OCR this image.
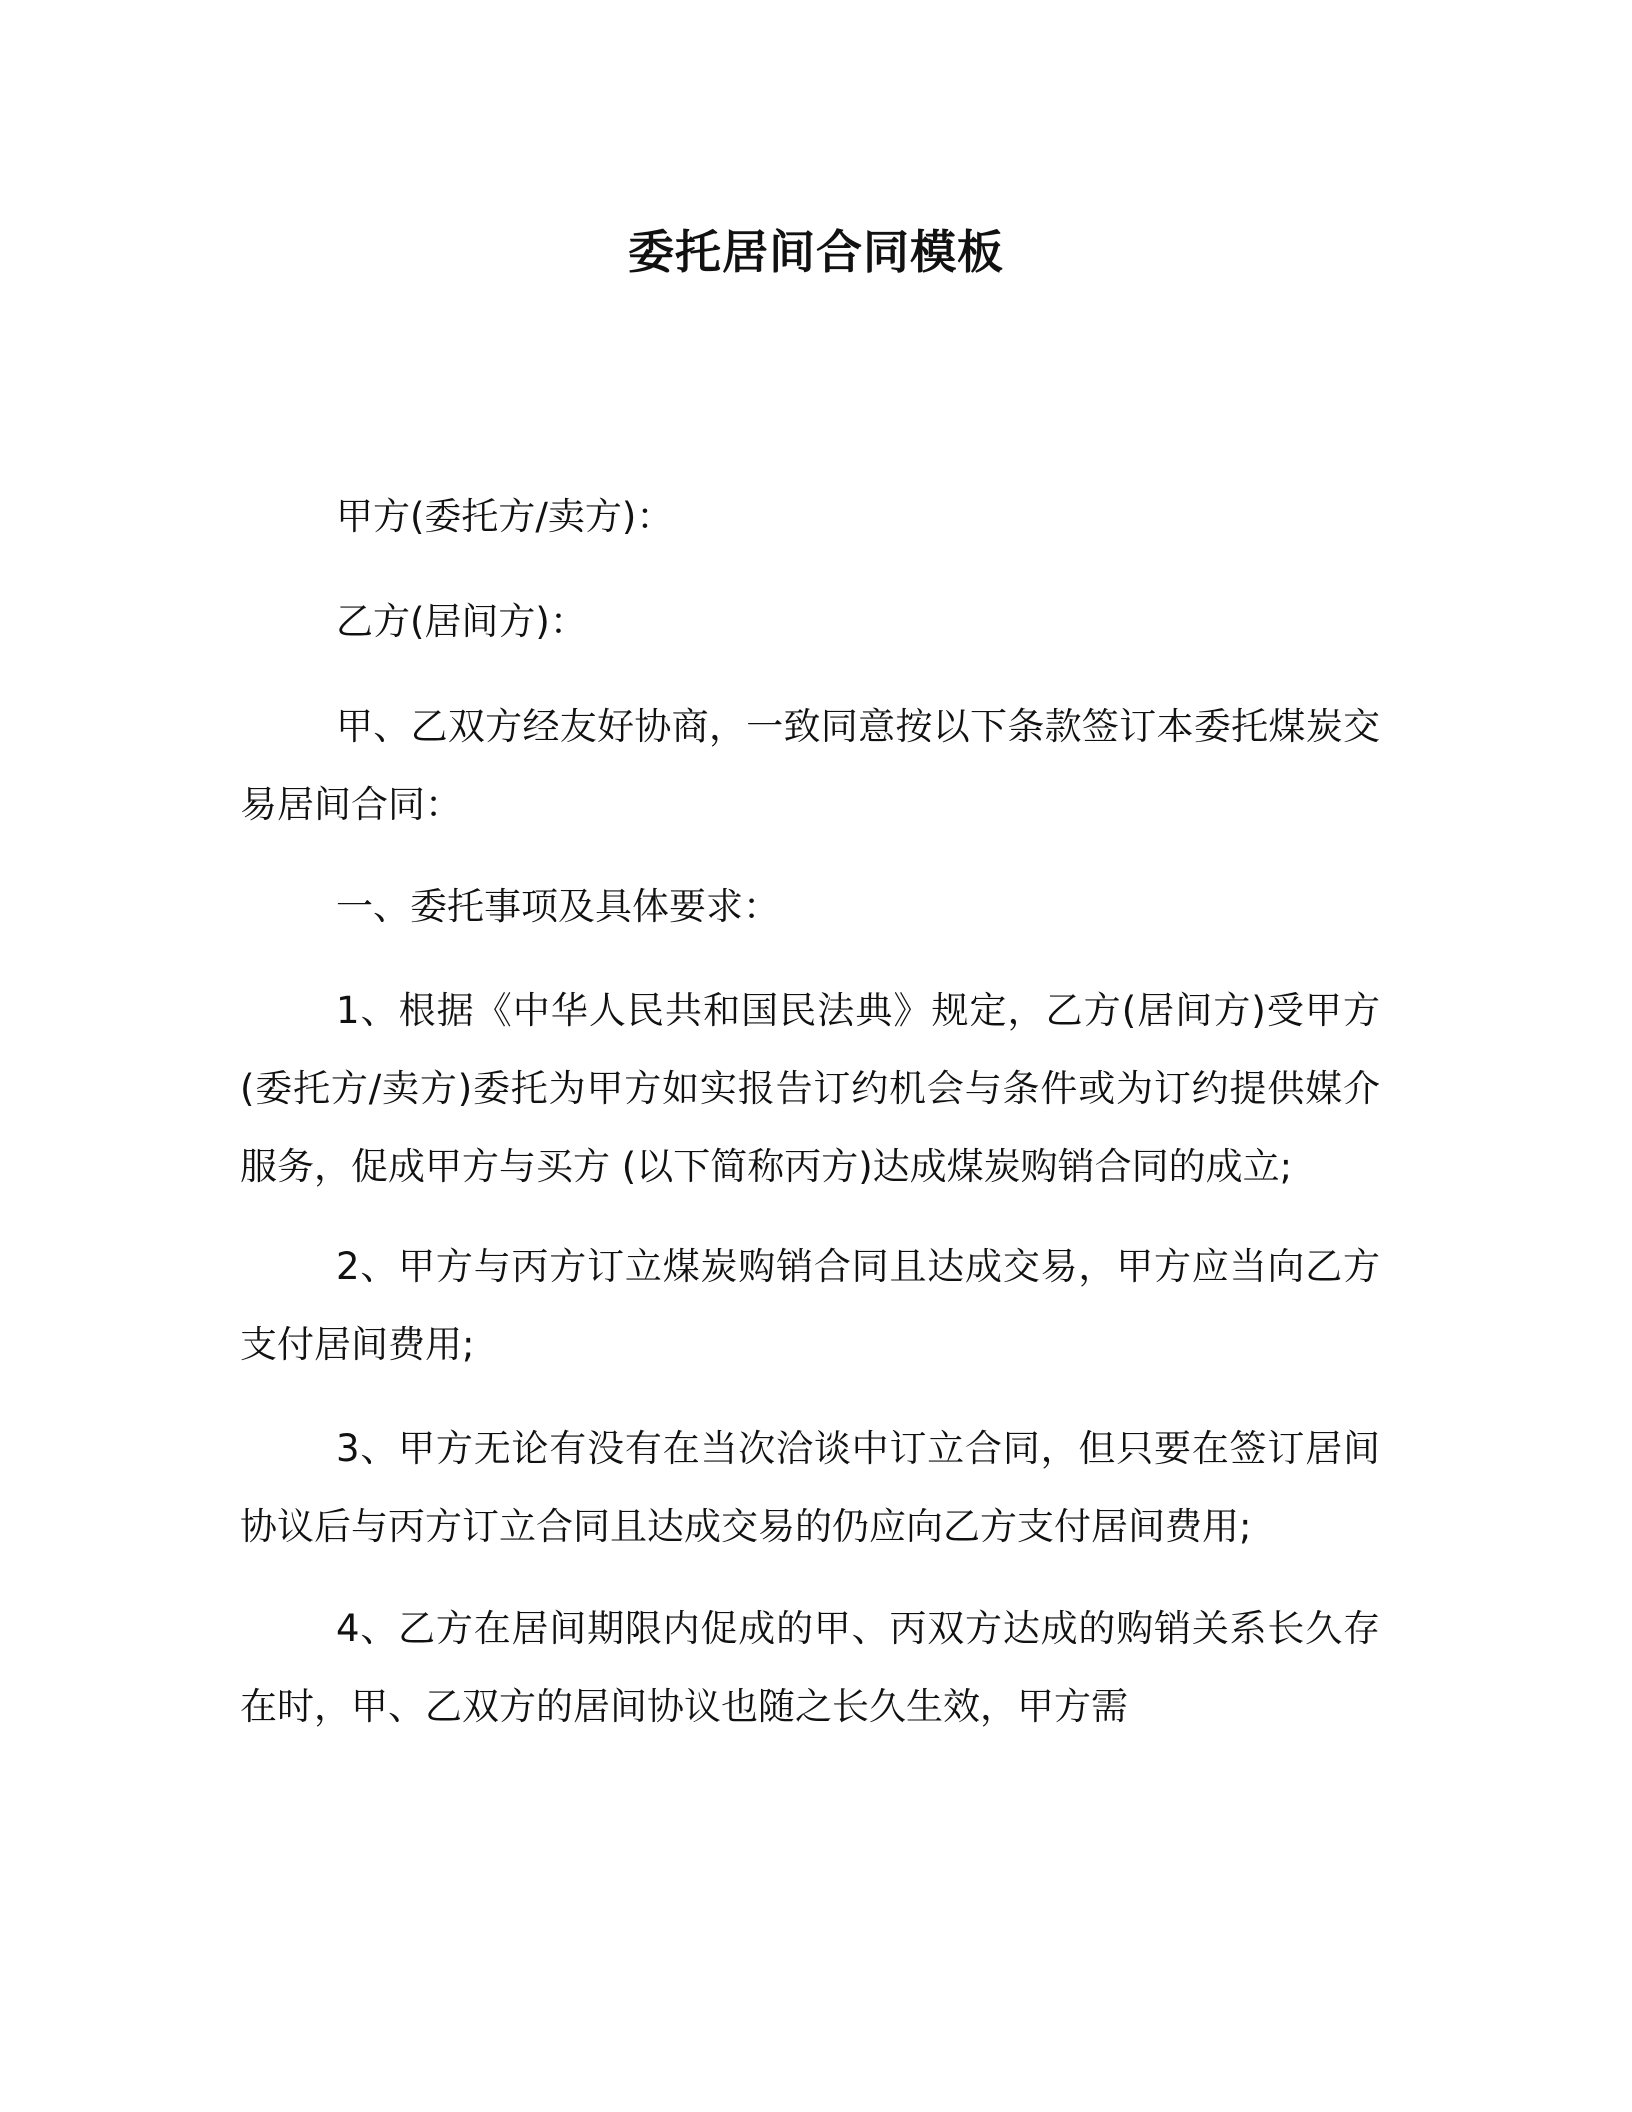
委托居间合同模板

甲方(委托方/卖方)：

乙方(居间方)：

甲、乙双方经友好协商，一致同意按以下条款签订本委托煤炭交易居间合同：

一、委托事项及具体要求：

1、根据《中华人民共和国民法典》规定，乙方(居间方)受甲方(委托方/卖方)委托为甲方如实报告订约机会与条件或为订约提供媒介服务，促成甲方与买方 (以下简称丙方)达成煤炭购销合同的成立;

2、甲方与丙方订立煤炭购销合同且达成交易，甲方应当向乙方支付居间费用;

3、甲方无论有没有在当次洽谈中订立合同，但只要在签订居间协议后与丙方订立合同且达成交易的仍应向乙方支付居间费用;

4、乙方在居间期限内促成的甲、丙双方达成的购销关系长久存在时，甲、乙双方的居间协议也随之长久生效，甲方需
